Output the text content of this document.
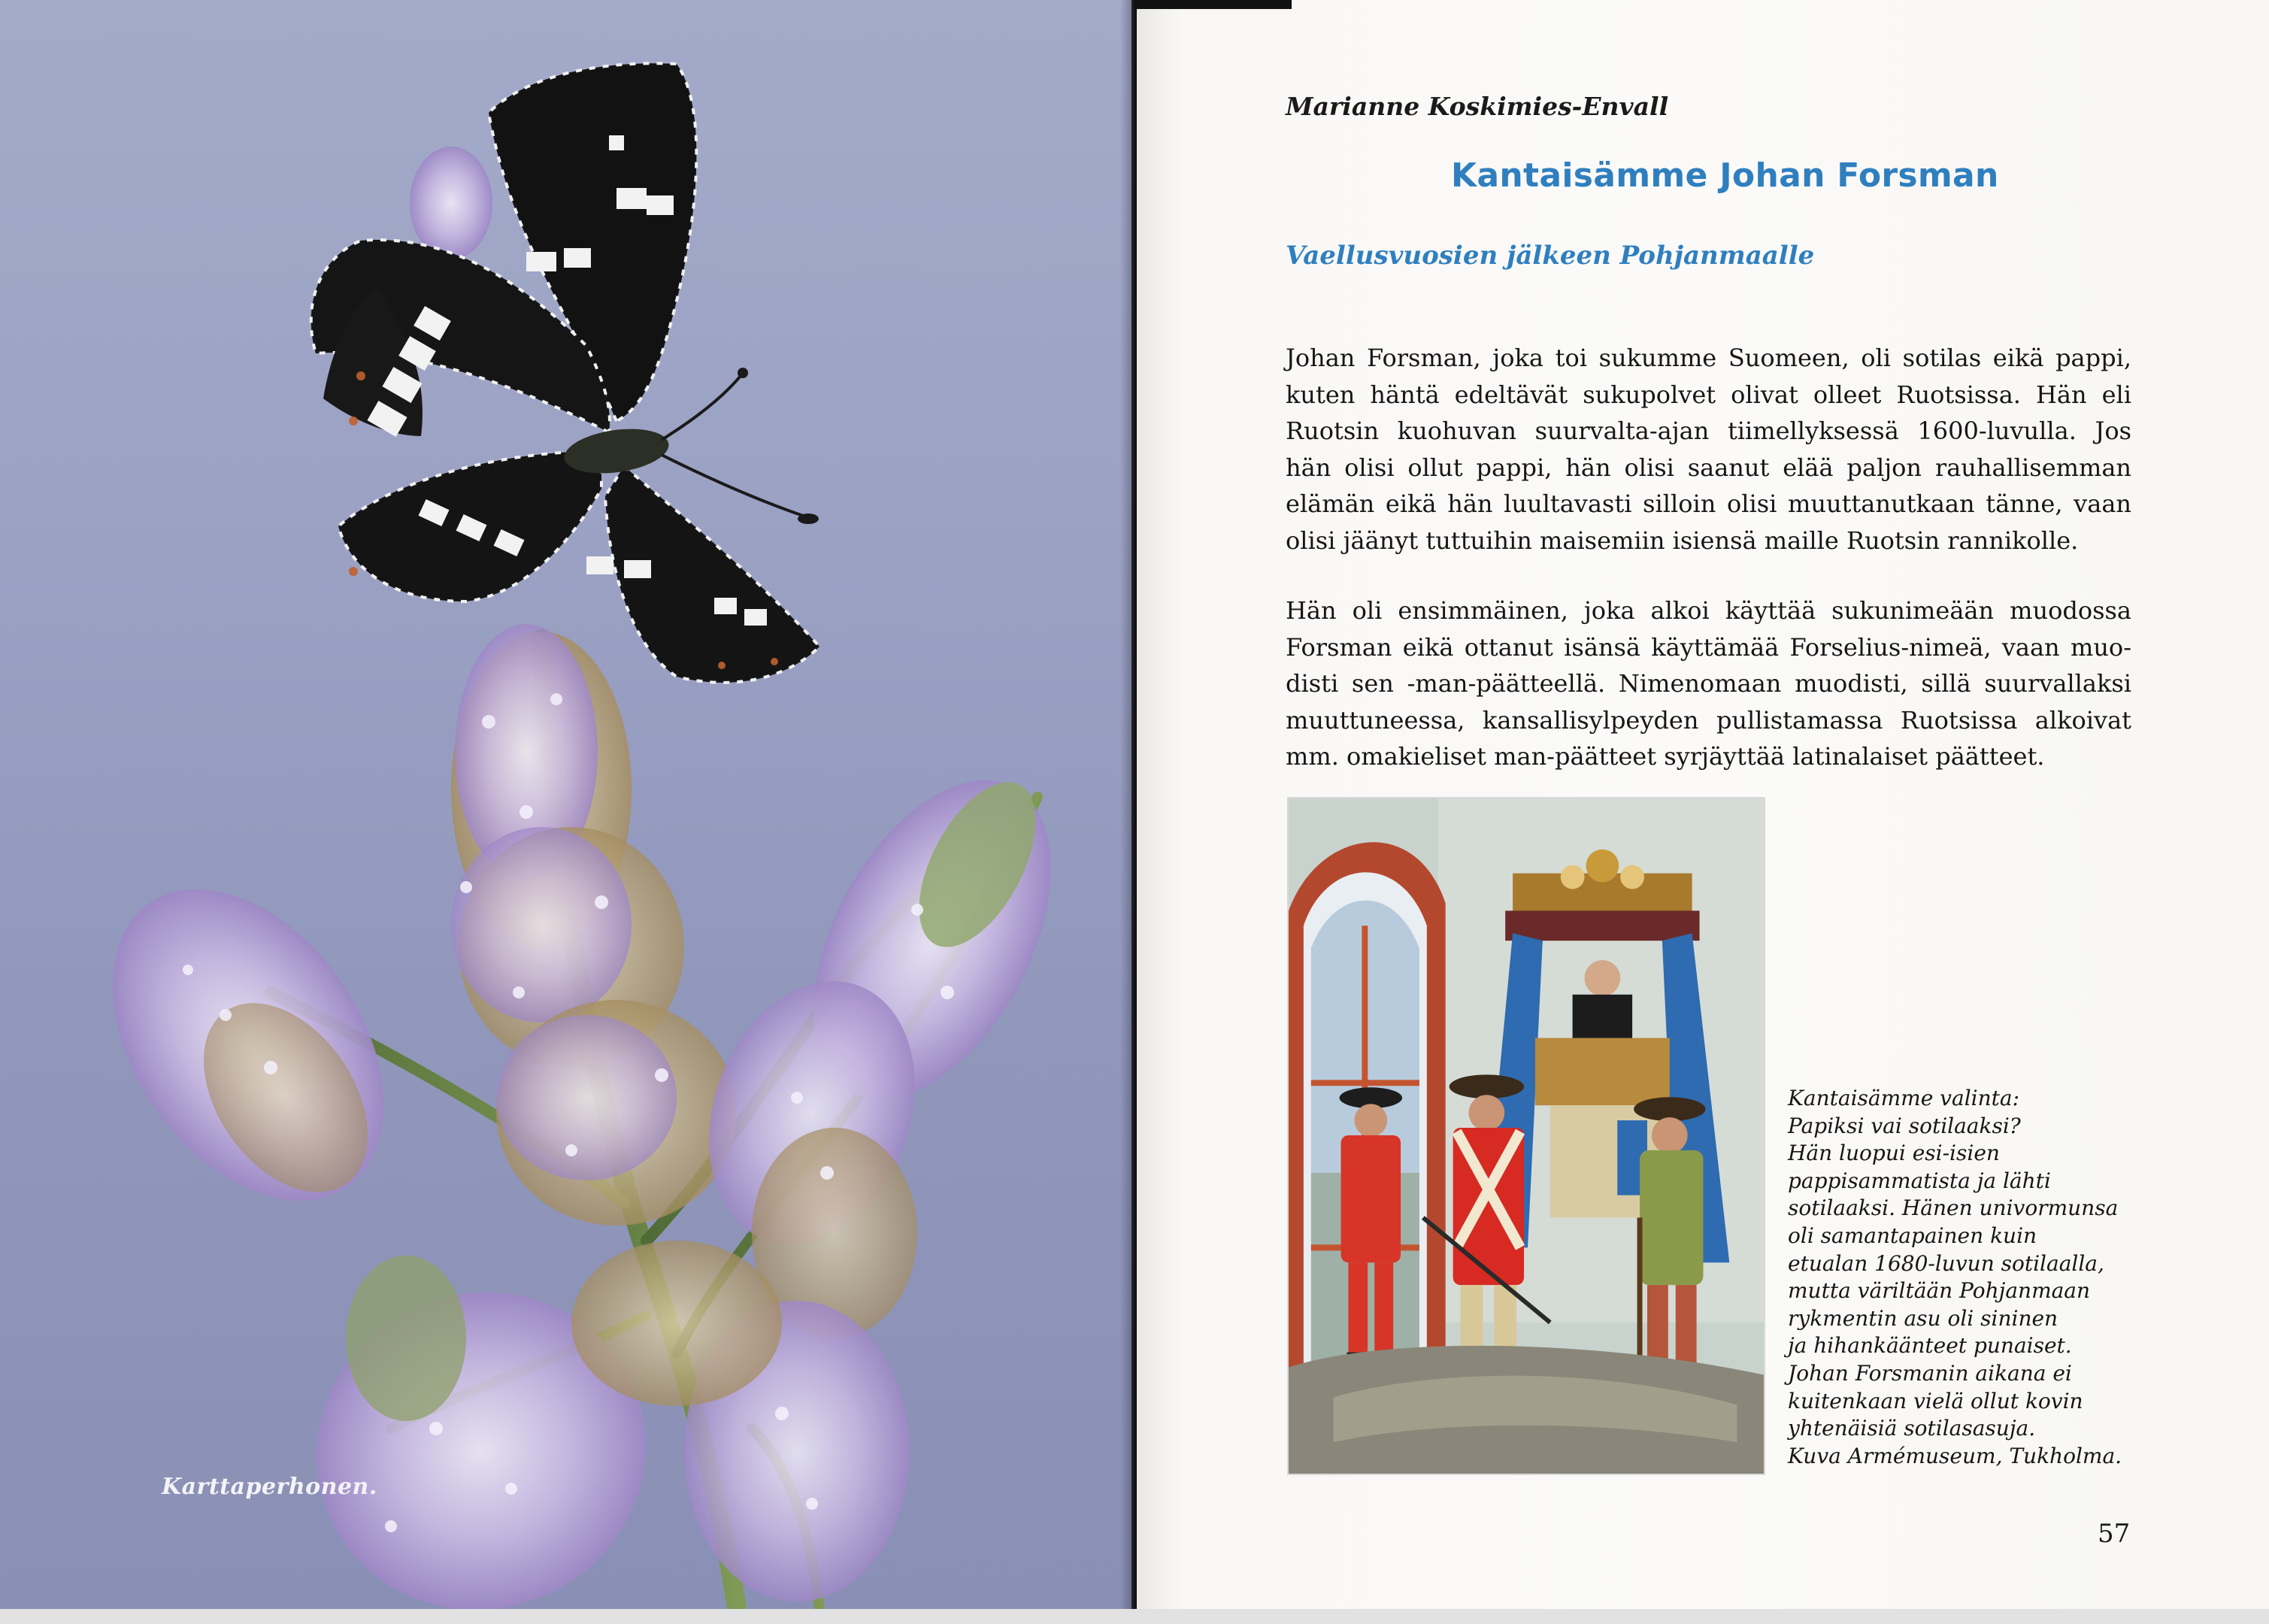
Karttaperhonen.
Marianne Koskimies-Envall
Kantaisämme Johan Forsman
Vaellusvuosien jälkeen Pohjanmaalle
Johan Forsman, joka toi sukumme Suomeen, oli sotilas eikä pappi,
kuten häntä edeltävät sukupolvet olivat olleet Ruotsissa. Hän eli
Ruotsin kuohuvan suurvalta-ajan tiimellyksessä 1600-luvulla. Jos
hän olisi ollut pappi, hän olisi saanut elää paljon rauhallisemman
elämän eikä hän luultavasti silloin olisi muuttanutkaan tänne, vaan
olisi jäänyt tuttuihin maisemiin isiensä maille Ruotsin rannikolle.
Hän oli ensimmäinen, joka alkoi käyttää sukunimeään muodossa
Forsman eikä ottanut isänsä käyttämää Forselius-nimeä, vaan muo-
disti sen -man-päätteellä. Nimenomaan muodisti, sillä suurvallaksi
muuttuneessa, kansallisylpeyden pullistamassa Ruotsissa alkoivat
mm. omakieliset man-päätteet syrjäyttää latinalaiset päätteet.
Kantaisämme valinta:
Papiksi vai sotilaaksi?
Hän luopui esi-isien
pappisammatista ja lähti
sotilaaksi. Hänen univormunsa
oli samantapainen kuin
etualan 1680-luvun sotilaalla,
mutta väriltään Pohjanmaan
rykmentin asu oli sininen
ja hihankäänteet punaiset.
Johan Forsmanin aikana ei
kuitenkaan vielä ollut kovin
yhtenäisiä sotilasasuja.
Kuva Armémuseum, Tukholma.
57
